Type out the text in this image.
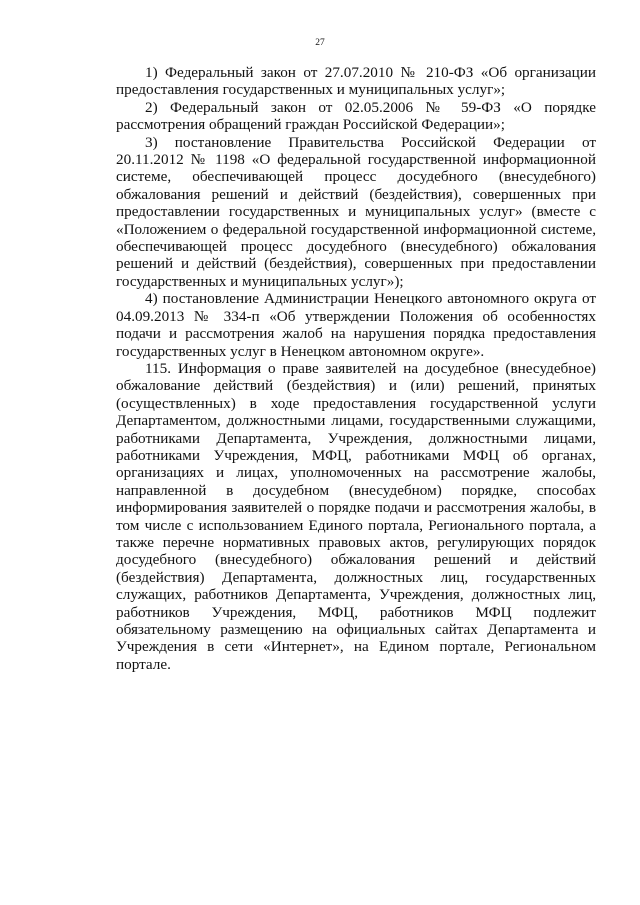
27

1) Федеральный закон от 27.07.2010 № 210-ФЗ «Об организации предоставления государственных и муниципальных услуг»;

2) Федеральный закон от 02.05.2006 № 59-ФЗ «О порядке рассмотрения обращений граждан Российской Федерации»;

3) постановление Правительства Российской Федерации от 20.11.2012 № 1198 «О федеральной государственной информационной системе, обеспечивающей процесс досудебного (внесудебного) обжалования решений и действий (бездействия), совершенных при предоставлении государственных и муниципальных услуг» (вместе с «Положением о федеральной государственной информационной системе, обеспечивающей процесс досудебного (внесудебного) обжалования решений и действий (бездействия), совершенных при предоставлении государственных и муниципальных услуг»);

4) постановление Администрации Ненецкого автономного округа от 04.09.2013 № 334-п «Об утверждении Положения об особенностях подачи и рассмотрения жалоб на нарушения порядка предоставления государственных услуг в Ненецком автономном округе».

115. Информация о праве заявителей на досудебное (внесудебное) обжалование действий (бездействия) и (или) решений, принятых (осуществленных) в ходе предоставления государственной услуги Департаментом, должностными лицами, государственными служащими, работниками Департамента, Учреждения, должностными лицами, работниками Учреждения, МФЦ, работниками МФЦ об органах, организациях и лицах, уполномоченных на рассмотрение жалобы, направленной в досудебном (внесудебном) порядке, способах информирования заявителей о порядке подачи и рассмотрения жалобы, в том числе с использованием Единого портала, Регионального портала, а также перечне нормативных правовых актов, регулирующих порядок досудебного (внесудебного) обжалования решений и действий (бездействия) Департамента, должностных лиц, государственных служащих, работников Департамента, Учреждения, должностных лиц, работников Учреждения, МФЦ, работников МФЦ подлежит обязательному размещению на официальных сайтах Департамента и Учреждения в сети «Интернет», на Едином портале, Региональном портале.
